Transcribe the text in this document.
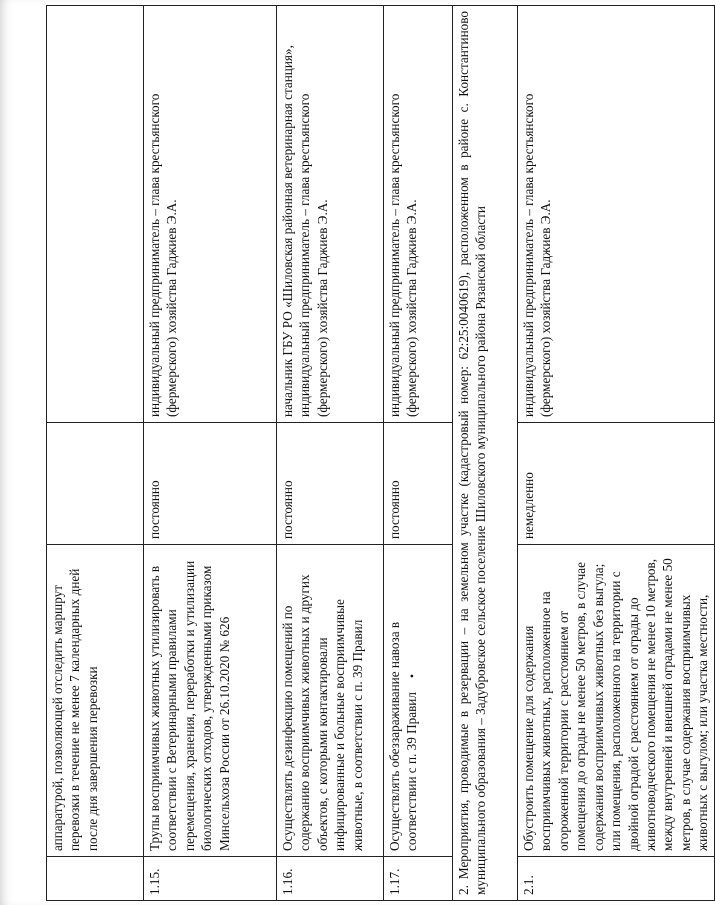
	аппаратурой, позволяющей отследить маршрут перевозки в течение не менее 7 календарных дней после дня завершения перевозки		
1.15.	Трупы восприимчивых животных утилизировать в соответствии с Ветеринарными правилами перемещения, хранения, переработки и утилизации биологических отходов, утвержденными приказом Минсельхоза России от 26.10.2020 № 626	постоянно	индивидуальный предприниматель – глава крестьянского (фермерского) хозяйства Гаджиев Э.А.
1.16.	Осуществлять дезинфекцию помещений по содержанию восприимчивых животных и других объектов, с которыми контактировали инфицированные и больные восприимчивые животные, в соответствии с п. 39 Правил	постоянно	начальник ГБУ РО «Шиловская районная ветеринарная станция», индивидуальный предприниматель – глава крестьянского (фермерского) хозяйства Гаджиев Э.А.
1.17.	Осуществлять обеззараживание навоза в соответствии с п. 39 Правил•	постоянно	индивидуальный предприниматель – глава крестьянского (фермерского) хозяйства Гаджиев Э.А.
2.Мероприятия, проводимые в резервации – на земельном участке (кадастровый номер: 62:25:0040619), расположенном в районе с. Константиново муниципального образования – Задубровское сельское поселение Шиловского муниципального района Рязанской области			
2.1.	Обустроить помещение для содержания восприимчивых животных, расположенное на огороженной территории с расстоянием от помещения до ограды не менее 50 метров, в случае содержания восприимчивых животных без выгула; или помещения, расположенного на территории с двойной оградой с расстоянием от ограды до животноводческого помещения не менее 10 метров, между внутренней и внешней оградами не менее 50 метров, в случае содержания восприимчивых животных с выгулом; или участка местности,	немедленно	индивидуальный предприниматель – глава крестьянского (фермерского) хозяйства Гаджиев Э.А.
